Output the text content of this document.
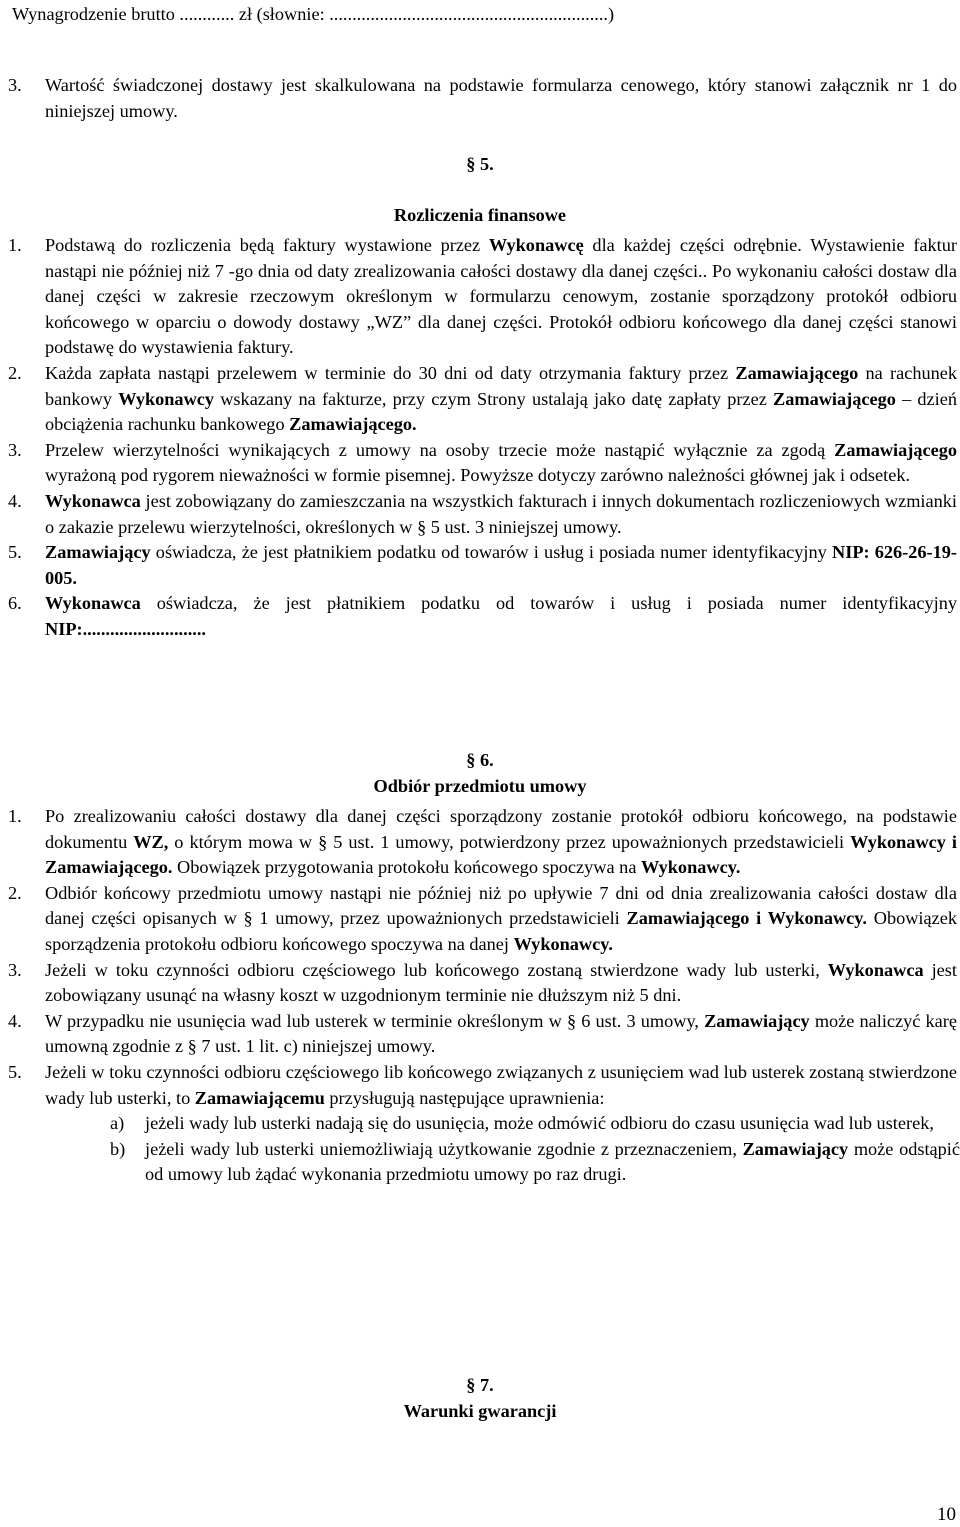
Wynagrodzenie brutto ............ zł (słownie: .............................................................)
3. Wartość świadczonej dostawy jest skalkulowana na podstawie formularza cenowego, który stanowi załącznik nr 1 do niniejszej umowy.
§ 5.
Rozliczenia finansowe
1. Podstawą do rozliczenia będą faktury wystawione przez Wykonawcę dla każdej części odrębnie. Wystawienie faktur nastąpi nie później niż 7 -go dnia od daty zrealizowania całości dostawy dla danej części.. Po wykonaniu całości dostaw dla danej części w zakresie rzeczowym określonym w formularzu cenowym, zostanie sporządzony protokół odbioru końcowego w oparciu o dowody dostawy „WZ” dla danej części. Protokół odbioru końcowego dla danej części stanowi podstawę do wystawienia faktury.
2. Każda zapłata nastąpi przelewem w terminie do 30 dni od daty otrzymania faktury przez Zamawiającego na rachunek bankowy Wykonawcy wskazany na fakturze, przy czym Strony ustalają jako datę zapłaty przez Zamawiającego – dzień obciążenia rachunku bankowego Zamawiającego.
3. Przelew wierzytelności wynikających z umowy na osoby trzecie może nastąpić wyłącznie za zgodą Zamawiającego wyrażoną pod rygorem nieważności w formie pisemnej. Powyższe dotyczy zarówno należności głównej jak i odsetek.
4. Wykonawca jest zobowiązany do zamieszczania na wszystkich fakturach i innych dokumentach rozliczeniowych wzmianki o zakazie przelewu wierzytelności, określonych w § 5 ust. 3 niniejszej umowy.
5. Zamawiający oświadcza, że jest płatnikiem podatku od towarów i usług i posiada numer identyfikacyjny NIP: 626-26-19-005.
6. Wykonawca oświadcza, że jest płatnikiem podatku od towarów i usług i posiada numer identyfikacyjny NIP:...........................
§ 6.
Odbiór przedmiotu umowy
1. Po zrealizowaniu całości dostawy dla danej części sporządzony zostanie protokół odbioru końcowego, na podstawie dokumentu WZ, o którym mowa w § 5 ust. 1 umowy, potwierdzony przez upoważnionych przedstawicieli Wykonawcy i Zamawiającego. Obowiązek przygotowania protokołu końcowego spoczywa na Wykonawcy.
2. Odbiór końcowy przedmiotu umowy nastąpi nie później niż po upływie 7 dni od dnia zrealizowania całości dostaw dla danej części opisanych w § 1 umowy, przez upoważnionych przedstawicieli Zamawiającego i Wykonawcy. Obowiązek sporządzenia protokołu odbioru końcowego spoczywa na danej Wykonawcy.
3. Jeżeli w toku czynności odbioru częściowego lub końcowego zostaną stwierdzone wady lub usterki, Wykonawca jest zobowiązany usunąć na własny koszt w uzgodnionym terminie nie dłuższym niż 5 dni.
4. W przypadku nie usunięcia wad lub usterek w terminie określonym w § 6 ust. 3 umowy, Zamawiający może naliczyć karę umowną zgodnie z § 7 ust. 1 lit. c) niniejszej umowy.
5. Jeżeli w toku czynności odbioru częściowego lib końcowego związanych z usunięciem wad lub usterek zostaną stwierdzone wady lub usterki, to Zamawiającemu przysługują następujące uprawnienia:
a) jeżeli wady lub usterki nadają się do usunięcia, może odmówić odbioru do czasu usunięcia wad lub usterek,
b) jeżeli wady lub usterki uniemożliwiają użytkowanie zgodnie z przeznaczeniem, Zamawiający może odstąpić od umowy lub żądać wykonania przedmiotu umowy po raz drugi.
§ 7.
Warunki gwarancji
10
